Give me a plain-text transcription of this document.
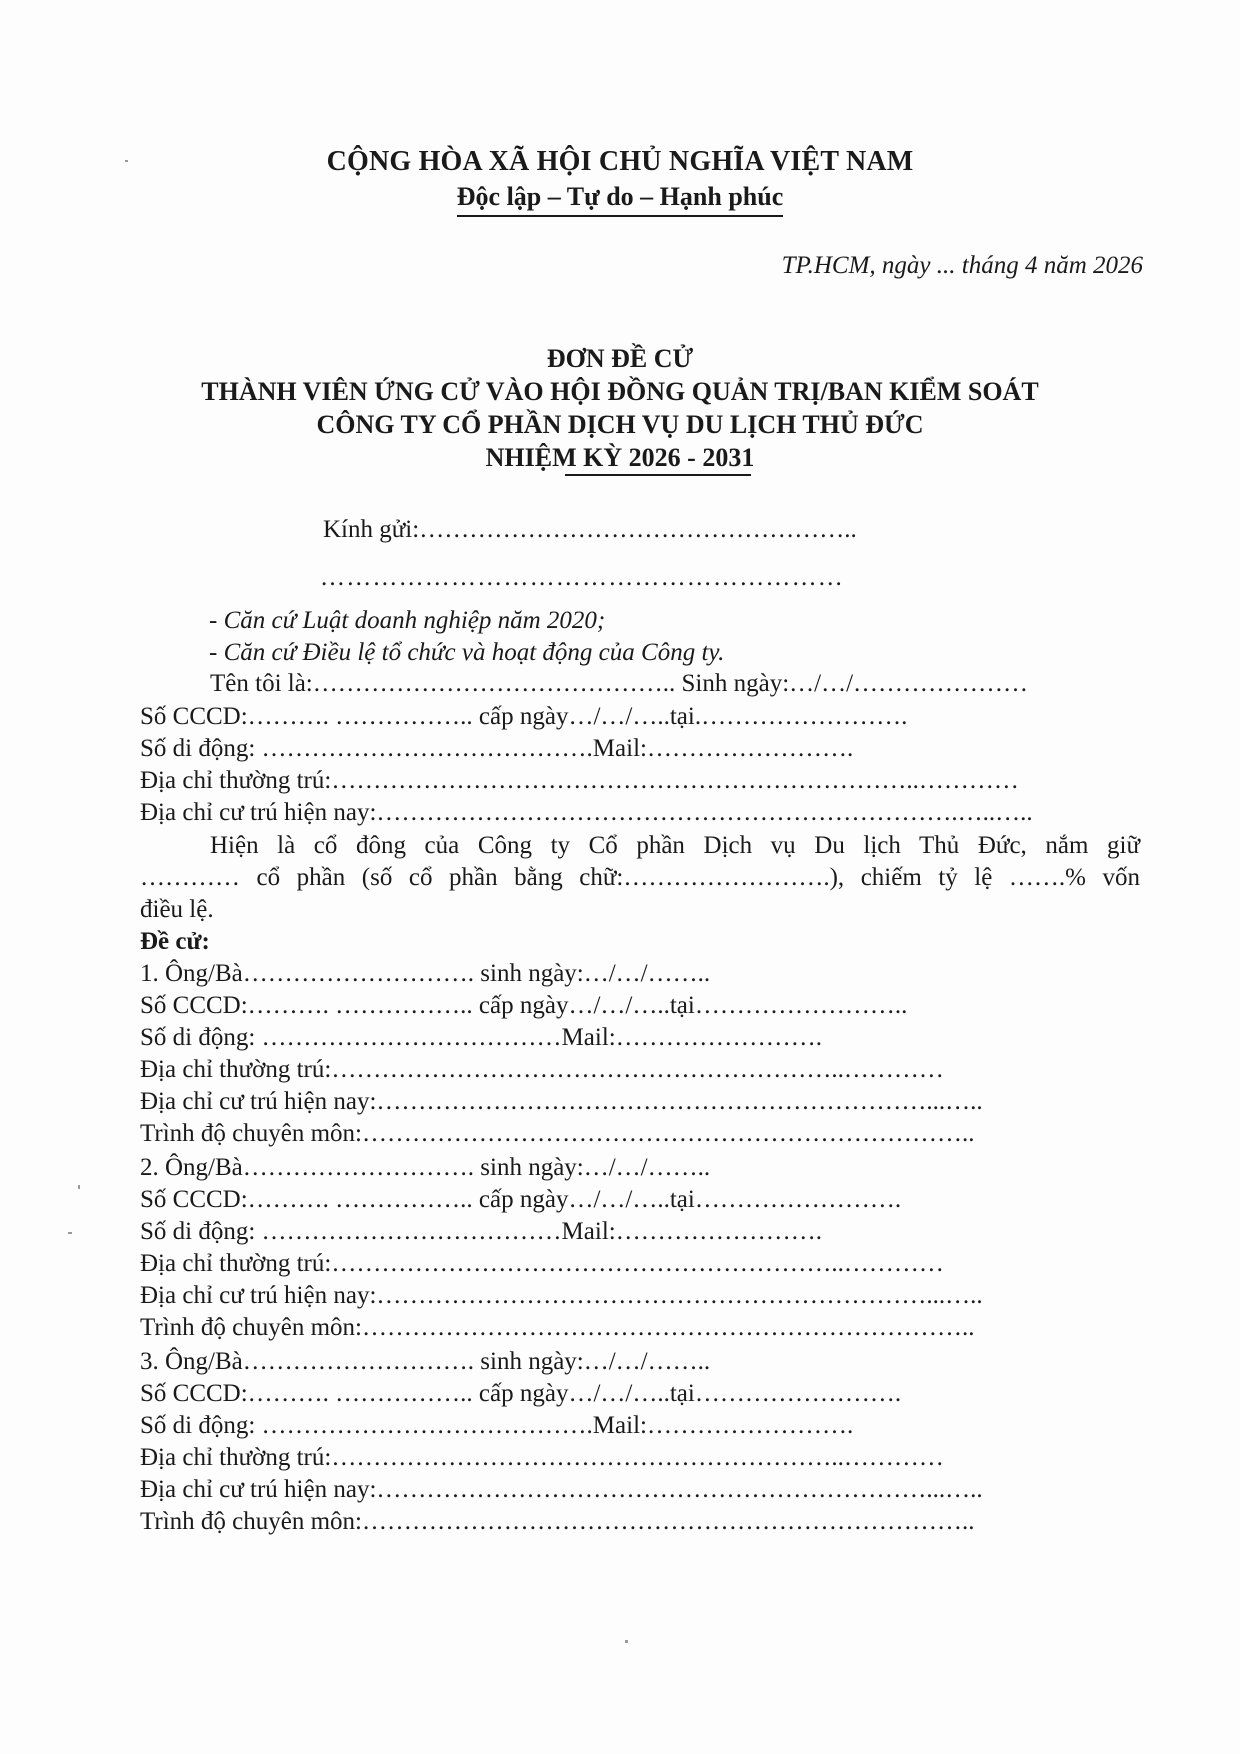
CỘNG HÒA XÃ HỘI CHỦ NGHĨA VIỆT NAM
Độc lập – Tự do – Hạnh phúc
TP.HCM, ngày ... tháng 4 năm 2026
ĐƠN ĐỀ CỬ
THÀNH VIÊN ỨNG CỬ VÀO HỘI ĐỒNG QUẢN TRỊ/BAN KIỂM SOÁT
CÔNG TY CỔ PHẦN DỊCH VỤ DU LỊCH THỦ ĐỨC
NHIỆM KỲ 2026 - 2031
Kính gửi:……………………………………………..
……………………………………………………
- Căn cứ Luật doanh nghiệp năm 2020;
- Căn cứ Điều lệ tổ chức và hoạt động của Công ty.
Tên tôi là:…………………………………….. Sinh ngày:…/…/…………………
Số CCCD:………. …………….. cấp ngày…/…/…..tại.…………………….
Số di động: ………………………………….Mail:…………………….
Địa chỉ thường trú:……………………………………………………………..…………
Địa chỉ cư trú hiện nay:…………………………………………………………….…..…..
Hiện là cổ đông của Công ty Cổ phần Dịch vụ Du lịch Thủ Đức, nắm giữ
………… cổ phần (số cổ phần bằng chữ:…………………….), chiếm tỷ lệ …….% vốn
điều lệ.
Đề cử:
1. Ông/Bà………………………. sinh ngày:…/…/……..
Số CCCD:………. …………….. cấp ngày…/…/…..tại……………………..
Số di động: ………………………………Mail:…………………….
Địa chỉ thường trú:……………………………………………………..…………
Địa chỉ cư trú hiện nay:…………………………………………………………...…..
Trình độ chuyên môn:………………………………………………………………..
2. Ông/Bà………………………. sinh ngày:…/…/……..
Số CCCD:………. …………….. cấp ngày…/…/…..tại…………………….
Số di động: ………………………………Mail:…………………….
Địa chỉ thường trú:……………………………………………………..…………
Địa chỉ cư trú hiện nay:…………………………………………………………...…..
Trình độ chuyên môn:………………………………………………………………..
3. Ông/Bà………………………. sinh ngày:…/…/……..
Số CCCD:………. …………….. cấp ngày…/…/…..tại…………………….
Số di động: ………………………………….Mail:…………………….
Địa chỉ thường trú:……………………………………………………..…………
Địa chỉ cư trú hiện nay:…………………………………………………………...…..
Trình độ chuyên môn:………………………………………………………………..
